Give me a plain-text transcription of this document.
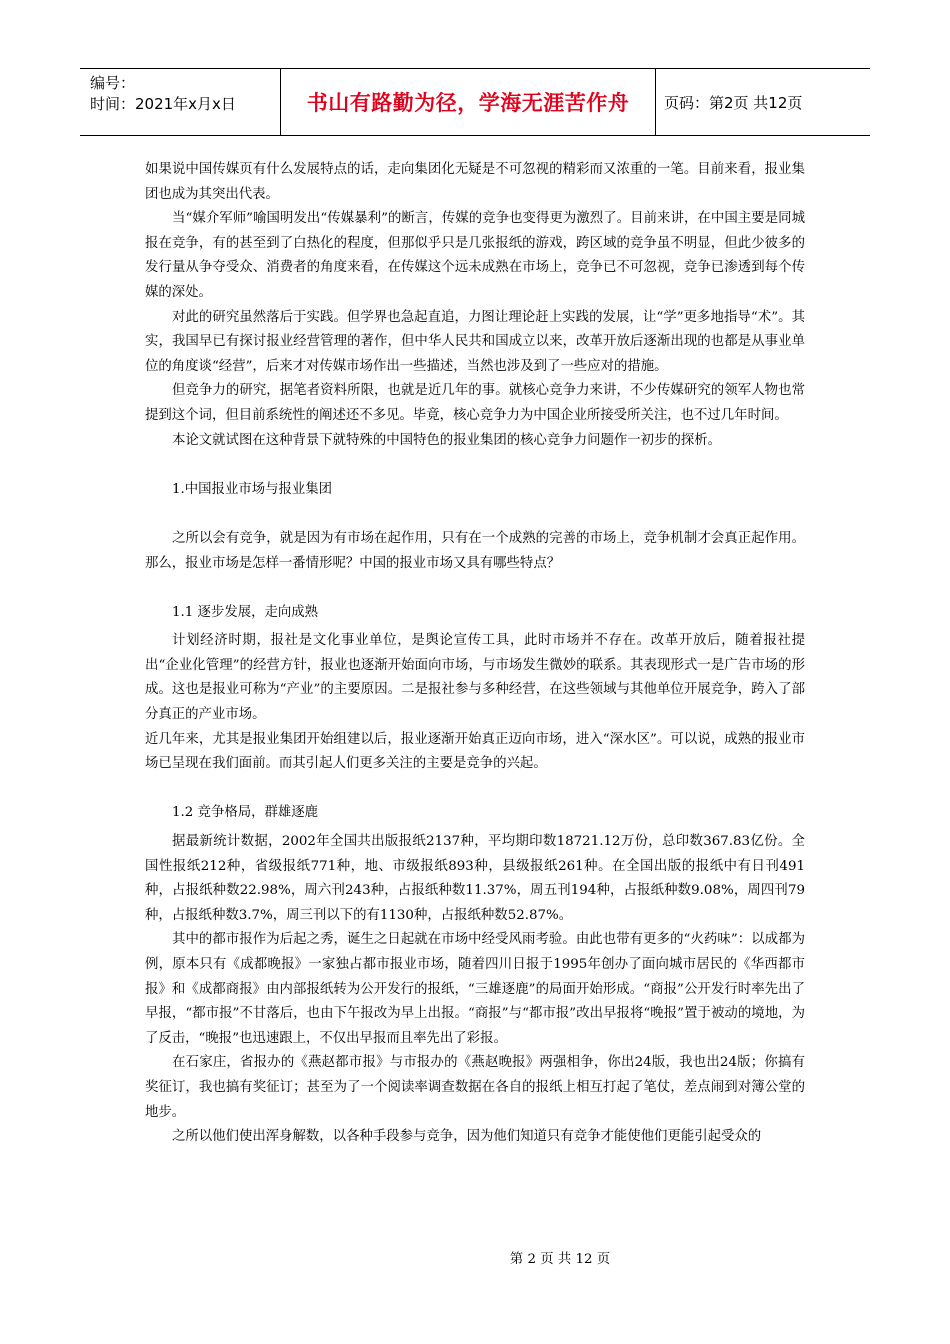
编号：
时间：2021年x月x日	书山有路勤为径，学海无涯苦作舟	页码：第2页 共12页

如果说中国传媒页有什么发展特点的话，走向集团化无疑是不可忽视的精彩而又浓重的一笔。目前来看，报业集团也成为其突出代表。

当“媒介军师”喻国明发出“传媒暴利”的断言，传媒的竞争也变得更为激烈了。目前来讲，在中国主要是同城报在竞争，有的甚至到了白热化的程度，但那似乎只是几张报纸的游戏，跨区域的竞争虽不明显，但此少彼多的发行量从争夺受众、消费者的角度来看，在传媒这个远未成熟在市场上，竞争已不可忽视，竞争已渗透到每个传媒的深处。

对此的研究虽然落后于实践。但学界也急起直追，力图让理论赶上实践的发展，让“学”更多地指导“术”。其实，我国早已有探讨报业经营管理的著作，但中华人民共和国成立以来，改革开放后逐渐出现的也都是从事业单位的角度谈“经营”，后来才对传媒市场作出一些描述，当然也涉及到了一些应对的措施。

但竞争力的研究，据笔者资料所限，也就是近几年的事。就核心竞争力来讲，不少传媒研究的领军人物也常提到这个词，但目前系统性的阐述还不多见。毕竟，核心竞争力为中国企业所接受所关注，也不过几年时间。

本论文就试图在这种背景下就特殊的中国特色的报业集团的核心竞争力问题作一初步的探析。

1.中国报业市场与报业集团

之所以会有竞争，就是因为有市场在起作用，只有在一个成熟的完善的市场上，竞争机制才会真正起作用。那么，报业市场是怎样一番情形呢？中国的报业市场又具有哪些特点？

1.1 逐步发展，走向成熟

计划经济时期，报社是文化事业单位，是舆论宣传工具，此时市场并不存在。改革开放后，随着报社提出“企业化管理”的经营方针，报业也逐渐开始面向市场，与市场发生微妙的联系。其表现形式一是广告市场的形成。这也是报业可称为“产业”的主要原因。二是报社参与多种经营，在这些领域与其他单位开展竞争，跨入了部分真正的产业市场。

近几年来，尤其是报业集团开始组建以后，报业逐渐开始真正迈向市场，进入“深水区”。可以说，成熟的报业市场已呈现在我们面前。而其引起人们更多关注的主要是竞争的兴起。

1.2 竞争格局，群雄逐鹿

据最新统计数据，2002年全国共出版报纸2137种，平均期印数18721.12万份，总印数367.83亿份。全国性报纸212种，省级报纸771种，地、市级报纸893种，县级报纸261种。在全国出版的报纸中有日刊491种，占报纸种数22.98%，周六刊243种，占报纸种数11.37%，周五刊194种，占报纸种数9.08%，周四刊79种，占报纸种数3.7%，周三刊以下的有1130种，占报纸种数52.87%。

其中的都市报作为后起之秀，诞生之日起就在市场中经受风雨考验。由此也带有更多的“火药味”：以成都为例，原本只有《成都晚报》一家独占都市报业市场，随着四川日报于1995年创办了面向城市居民的《华西都市报》和《成都商报》由内部报纸转为公开发行的报纸，“三雄逐鹿”的局面开始形成。“商报”公开发行时率先出了早报，“都市报”不甘落后，也由下午报改为早上出报。“商报”与“都市报”改出早报将“晚报”置于被动的境地，为了反击，“晚报”也迅速跟上，不仅出早报而且率先出了彩报。

在石家庄，省报办的《燕赵都市报》与市报办的《燕赵晚报》两强相争，你出24版，我也出24版；你搞有奖征订，我也搞有奖征订；甚至为了一个阅读率调查数据在各自的报纸上相互打起了笔仗，差点闹到对簿公堂的地步。

之所以他们使出浑身解数，以各种手段参与竞争，因为他们知道只有竞争才能使他们更能引起受众的

第 2 页 共 12 页
